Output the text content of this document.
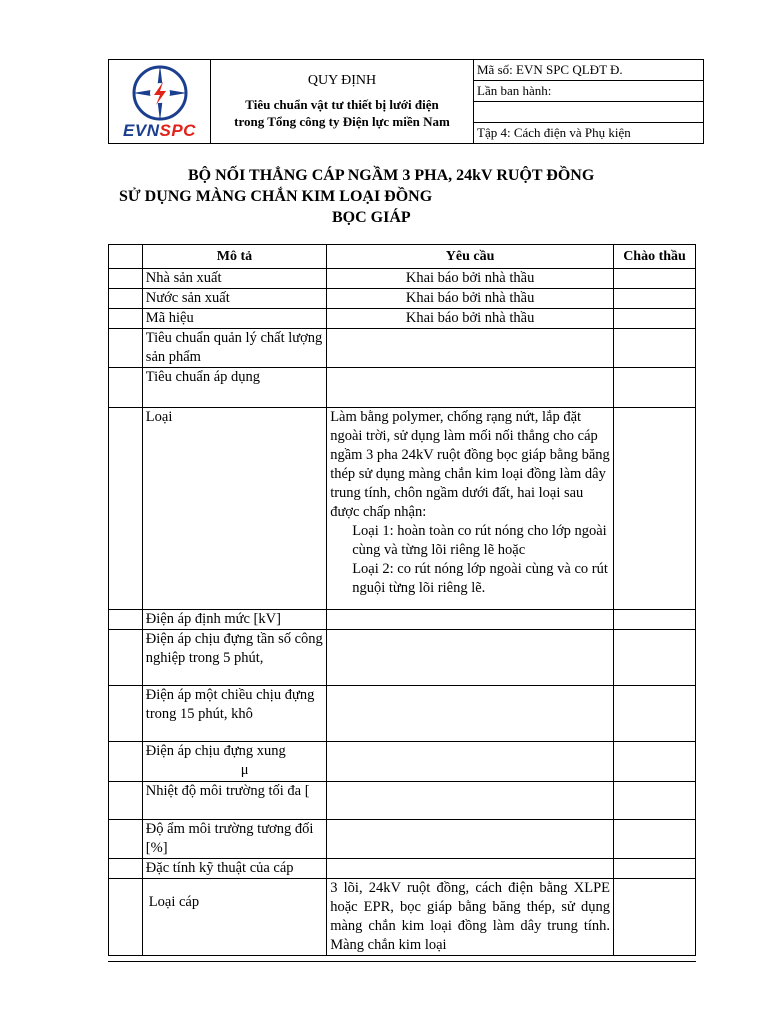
EVNSPC

QUY ĐỊNH
Tiêu chuẩn vật tư thiết bị lưới điện
trong Tổng công ty Điện lực miền Nam
	Mã số: EVN SPC QLĐT Đ.
Lần ban hành:

Tập 4: Cách điện và Phụ kiện
BỘ NỐI THẲNG CÁP NGẦM 3 PHA, 24kV RUỘT ĐỒNG
SỬ DỤNG MÀNG CHẮN KIM LOẠI ĐỒNG
BỌC GIÁP
	Mô tả	Yêu cầu	Chào thầu
	Nhà sản xuất	Khai báo bởi nhà thầu	
	Nước sản xuất	Khai báo bởi nhà thầu	
	Mã hiệu	Khai báo bởi nhà thầu	
	Tiêu chuẩn quản lý chất lượng sản phẩm		
	Tiêu chuẩn áp dụng		
	Loại	Làm bằng polymer, chống rạng nứt, lắp đặt ngoài trời, sử dụng làm mối nối thẳng cho cáp ngầm 3 pha 24kV ruột đồng bọc giáp bằng băng thép sử dụng màng chắn kim loại đồng làm dây trung tính, chôn ngầm dưới đất, hai loại sau được chấp nhận:
Loại 1: hoàn toàn co rút nóng cho lớp ngoài cùng và từng lõi riêng lẽ hoặc
Loại 2: co rút nóng lớp ngoài cùng và co rút nguội từng lõi riêng lẽ.	

	Điện áp định mức [kV]		
	Điện áp chịu đựng tần số công nghiệp trong 5 phút,		
	Điện áp một chiều chịu đựng trong 15 phút, khô		
	Điện áp chịu đựng xung
μ		

	Nhiệt độ môi trường tối đa [		
	Độ ẩm môi trường tương đối [%]		
	Đặc tính kỹ thuật của cáp		
	Loại cáp	3 lõi, 24kV ruột đồng, cách điện bằng XLPE hoặc EPR, bọc giáp bằng băng thép, sử dụng màng chắn kim loại đồng làm dây trung tính. Màng chắn kim loại	
